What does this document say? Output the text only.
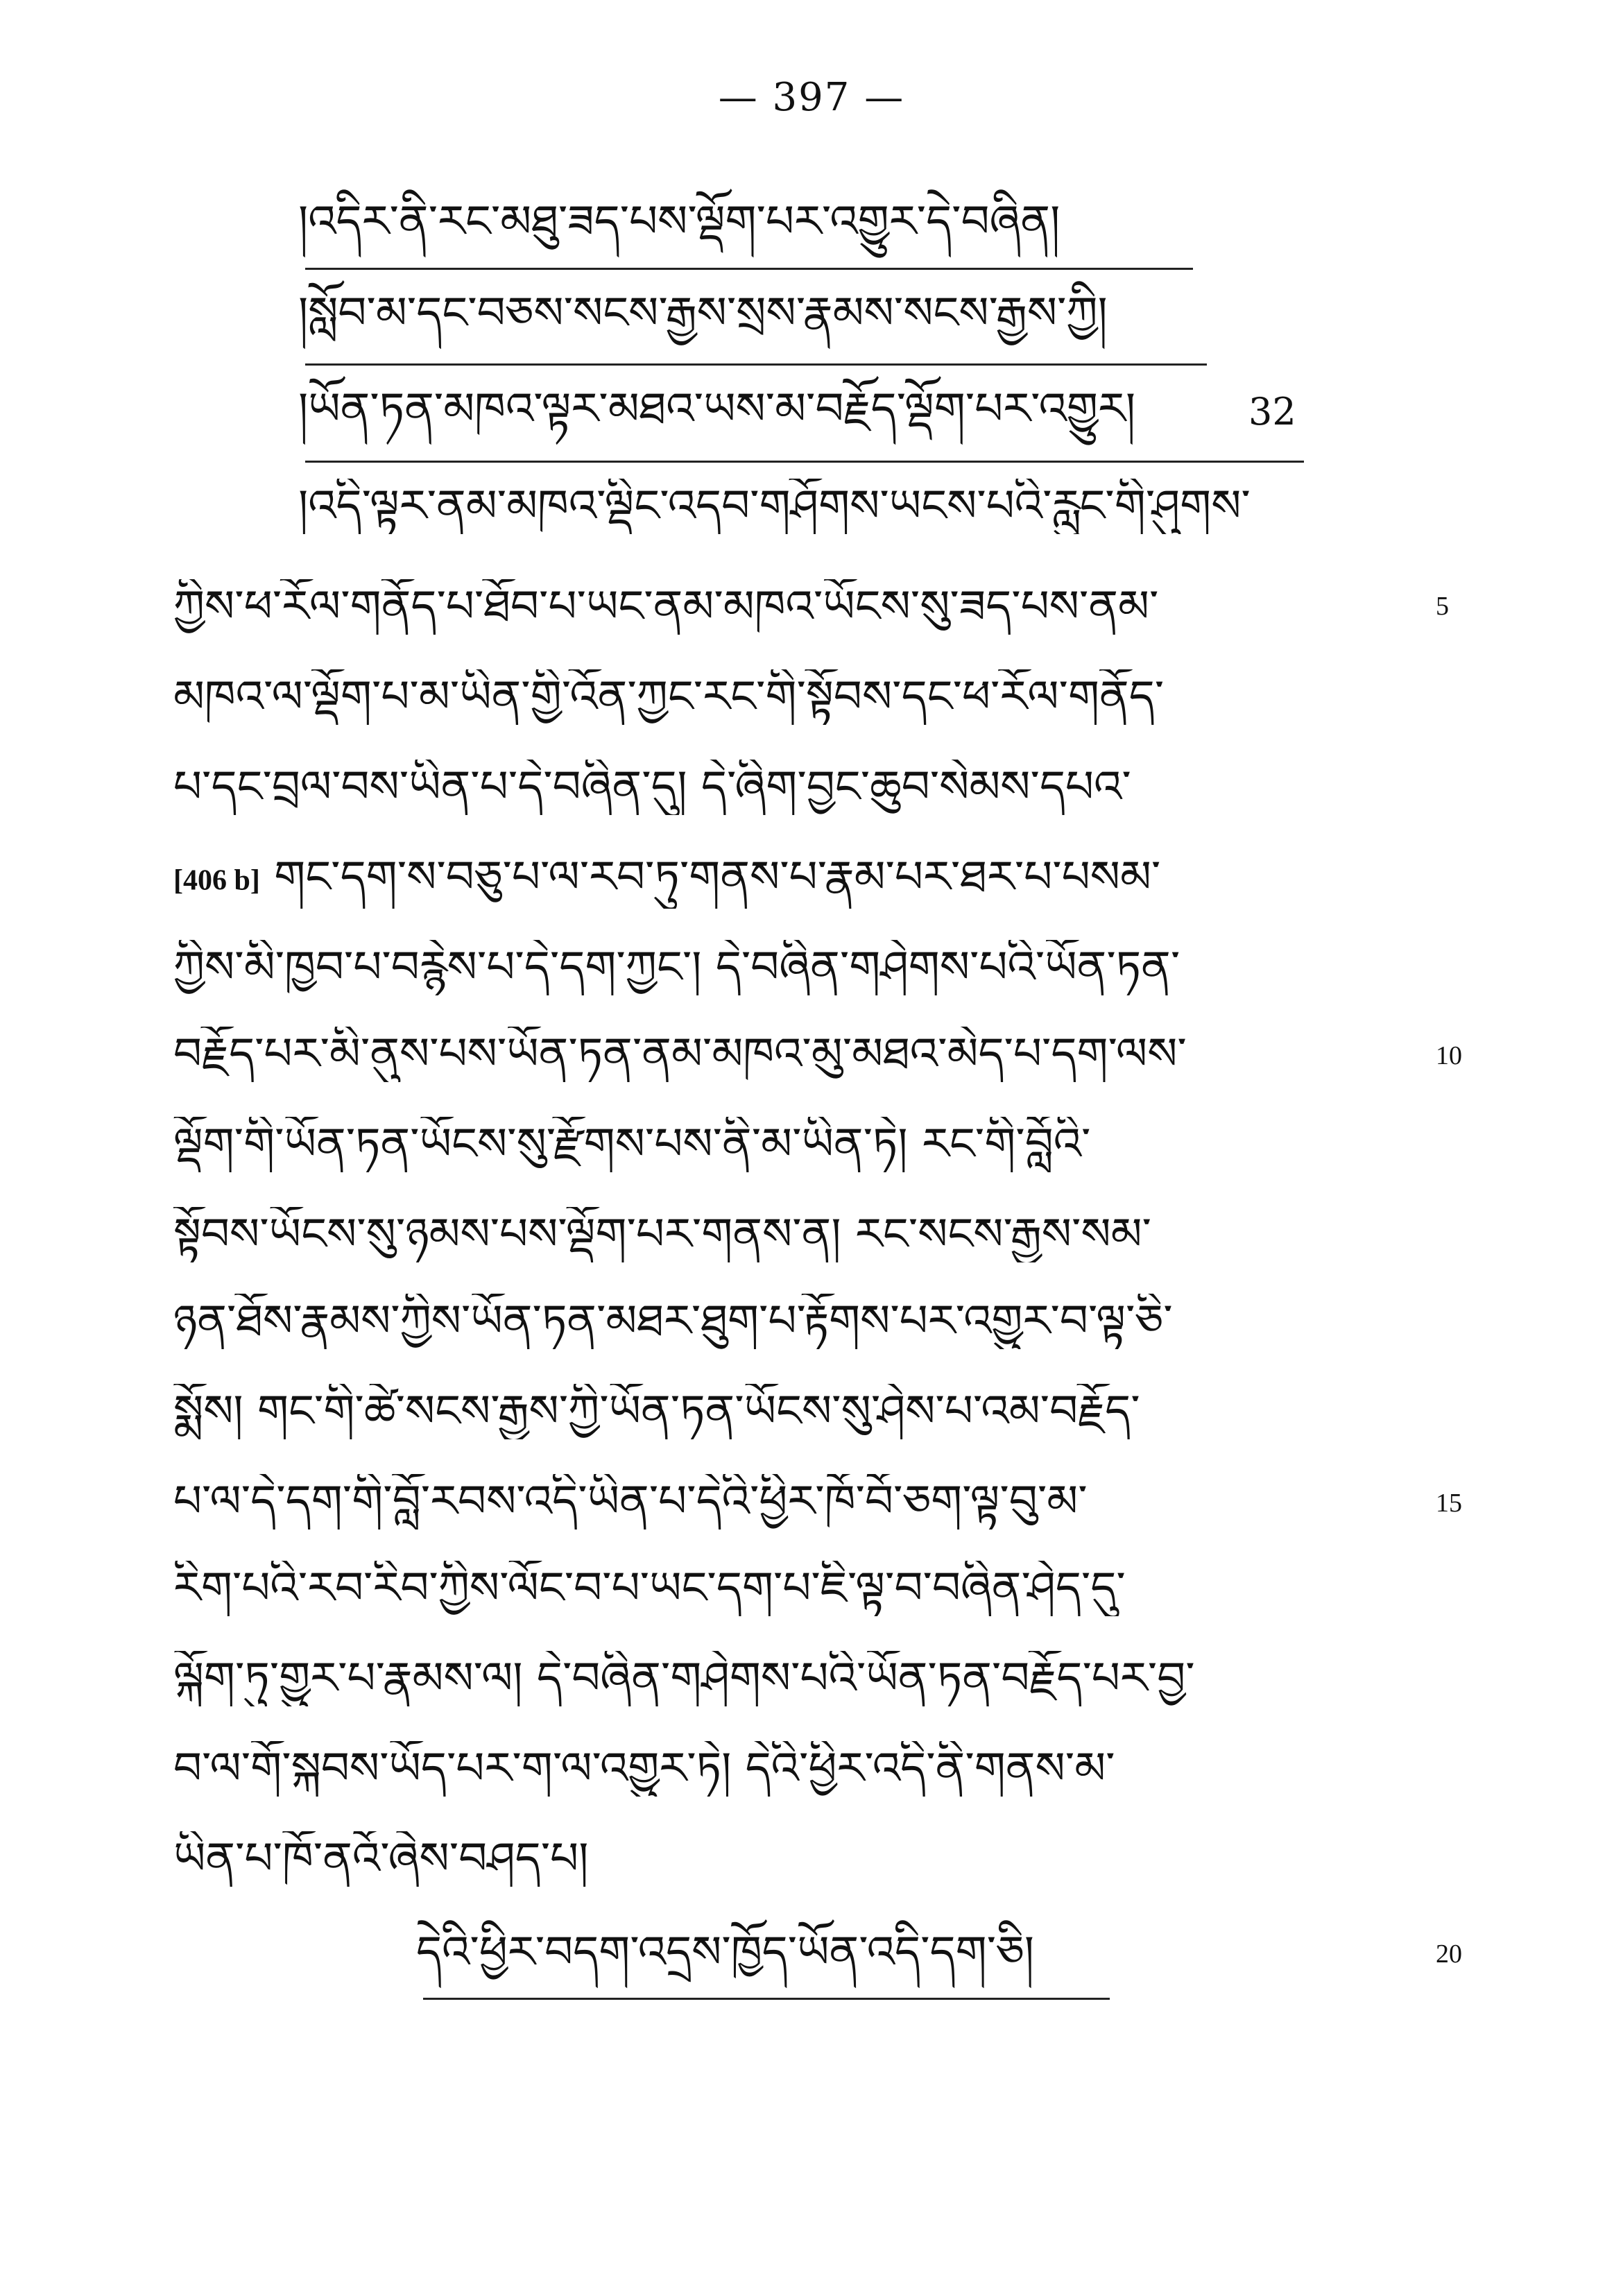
— 397 —
།འདིར་ནི་རང་མཐུ་ཟད་པས་ལྡོག་པར་འགྱུར་དེ་བཞིན།
།སློབ་མ་དང་བཅས་སངས་རྒྱས་སྲས་རྣམས་སངས་རྒྱས་ཀྱི།
།ཡོན་ཏན་མཁའ་ལྟར་མཐའ་ཡས་མ་བརྗོད་ལྡོག་པར་འགྱུར།	32
།འདི་ལྟར་ནམ་མཁའ་ལྡིང་འདབ་གཤོགས་ཡངས་པའི་རླུང་གི་ཤུགས་
ཀྱིས་ཕ་རོལ་གནོད་པ་ཐོབ་པ་ཡང་ནམ་མཁའ་ཡོངས་སུ་ཟད་པས་ནམ་	5
མཁའ་ལ་ལྡོག་པ་མ་ཡིན་གྱི་འོན་ཀྱང་རང་གི་སྟོབས་དང་ཕ་རོལ་གནོད་
པ་དང་བྲལ་བས་ཡིན་པ་དེ་བཞིན་དུ། དེ་ཞིག་བྱང་ཆུབ་སེམས་དཔའ་
[406 b] གང་དག་ས་བཅུ་པ་ལ་རབ་ཏུ་གནས་པ་རྣམ་པར་ཐར་པ་པསམ་
ཀྱིས་མི་ཁྱབ་པ་བརྙེས་པ་དེ་དག་ཀྱང་། དེ་བཞིན་གཤེགས་པའི་ཡོན་ཏན་
བརྗོད་པར་མི་ནུས་པས་ཡོན་ཏན་ནམ་མཁའ་མུ་མཐའ་མེད་པ་དག་ལས་	10
ལྡོག་གི་ཡོན་ཏན་ཡོངས་སུ་རྫོགས་པས་ནི་མ་ཡིན་ཏེ། རང་གི་བློའི་
སྟོབས་ཡོངས་སུ་ཉམས་པས་ལྡོག་པར་གནས་ན། རང་སངས་རྒྱས་སམ་
ཉན་ཐོས་རྣམས་ཀྱིས་ཡོན་ཏན་མཐར་ཐུག་པ་རྟོགས་པར་འགྱུར་བ་ལྟ་ཅི་
སྨོས། གང་གི་ཚེ་སངས་རྒྱས་ཀྱི་ཡོན་ཏན་ཡོངས་སུ་ཤེས་པ་འམ་བརྗོད་
པ་ལ་དེ་དག་གི་བློ་རབས་འདི་ཡིན་པ་དེའི་ཕྱིར་ཁོ་བོ་ཅག་ལྟ་བུ་མ་	15
རིག་པའི་རབ་རིབ་ཀྱིས་ལོང་བ་པ་ཡང་དག་པ་ཇི་ལྟ་བ་བཞིན་ཤེད་དུ་
ལྐོག་ཏུ་གྱུར་པ་རྣམས་ལ། དེ་བཞིན་གཤེགས་པའི་ཡོན་ཏན་བརྗོད་པར་བྱ་
བ་ལ་གོ་སྐབས་ཡོད་པར་ག་ལ་འགྱུར་ཏེ། དེའི་ཕྱིར་འདི་ནི་གནས་མ་
ཡིན་པ་ཁོ་ནའོ་ཞེས་བཤད་པ།
དེའི་ཕྱིར་བདག་འདྲས་ཁྱོད་ཡོན་འདི་དག་ཅི།	20
